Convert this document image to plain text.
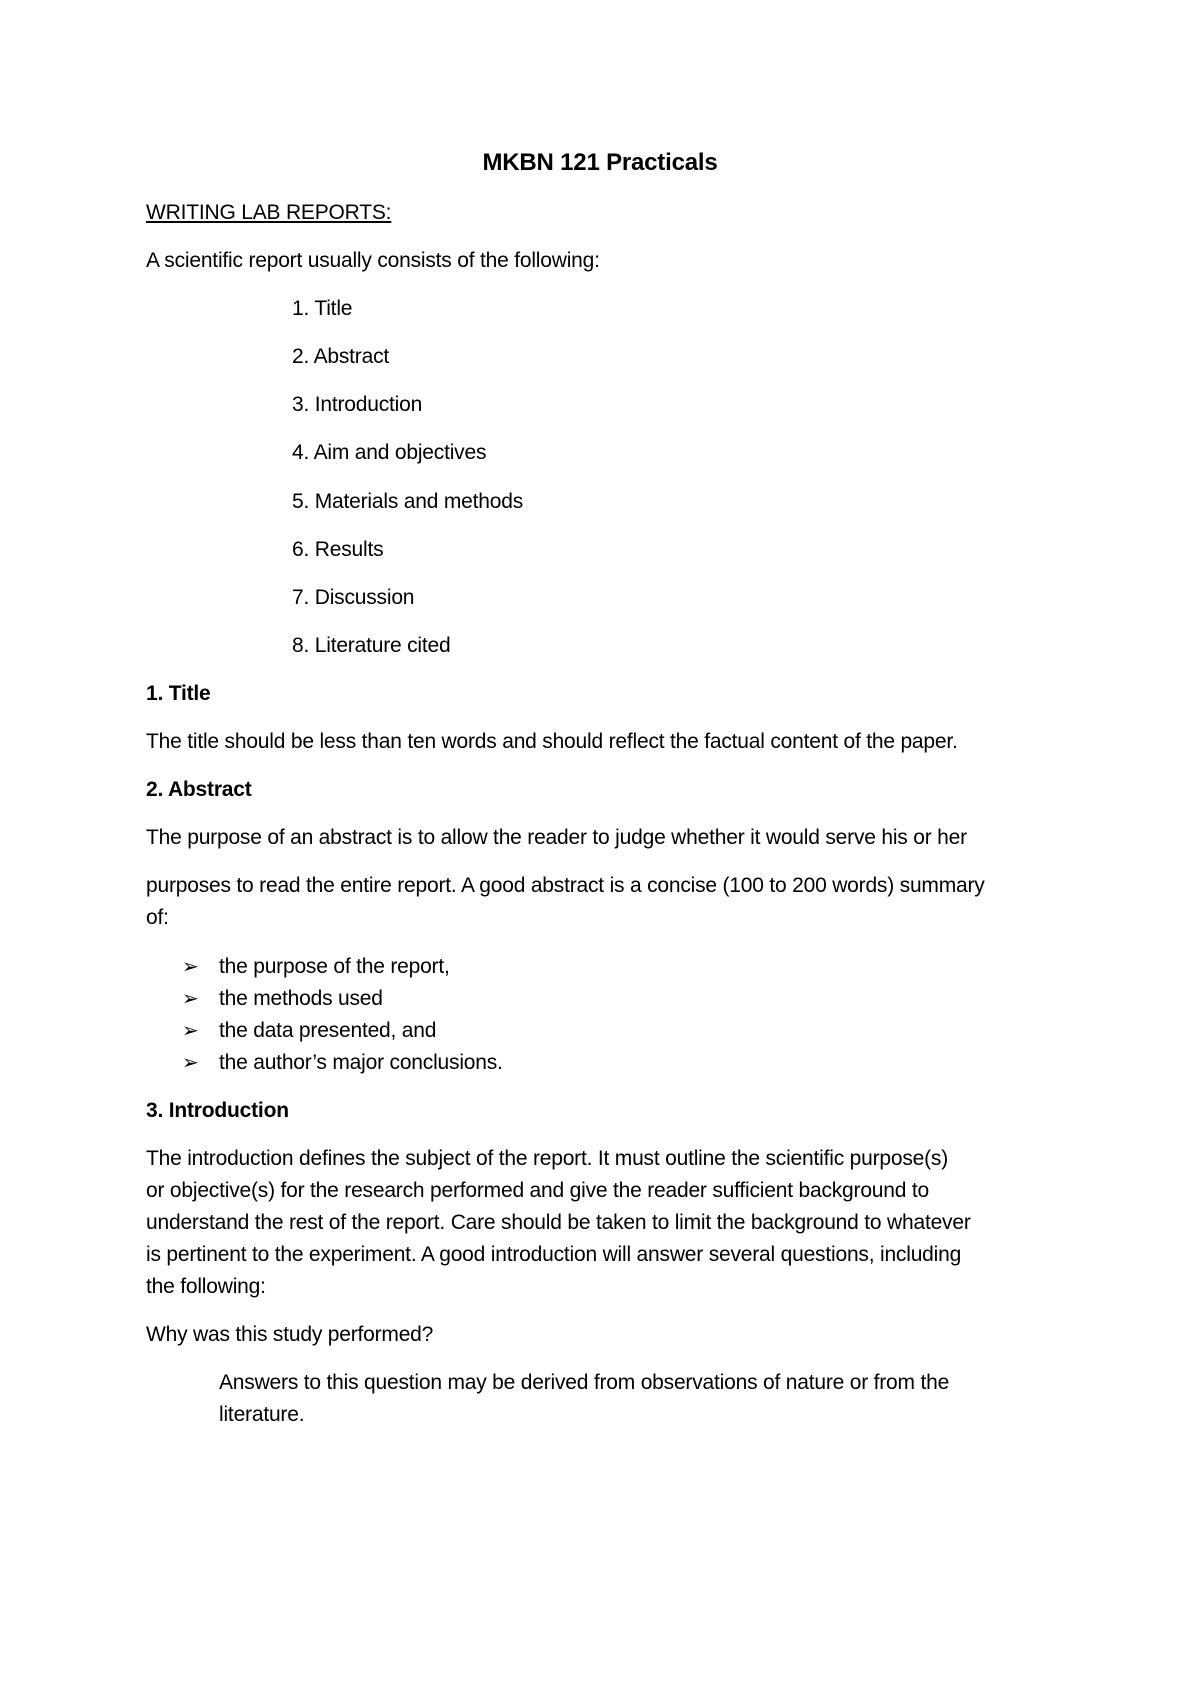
MKBN 121 Practicals
WRITING LAB REPORTS:
A scientific report usually consists of the following:
1. Title
2. Abstract
3. Introduction
4. Aim and objectives
5. Materials and methods
6. Results
7. Discussion
8. Literature cited
1. Title
The title should be less than ten words and should reflect the factual content of the paper.
2. Abstract
The purpose of an abstract is to allow the reader to judge whether it would serve his or her
purposes to read the entire report. A good abstract is a concise (100 to 200 words) summary
of:
➢ the purpose of the report,
➢ the methods used
➢ the data presented, and
➢ the author’s major conclusions.
3. Introduction
The introduction defines the subject of the report. It must outline the scientific purpose(s)
or objective(s) for the research performed and give the reader sufficient background to
understand the rest of the report. Care should be taken to limit the background to whatever
is pertinent to the experiment. A good introduction will answer several questions, including
the following:
Why was this study performed?
Answers to this question may be derived from observations of nature or from the
literature.
